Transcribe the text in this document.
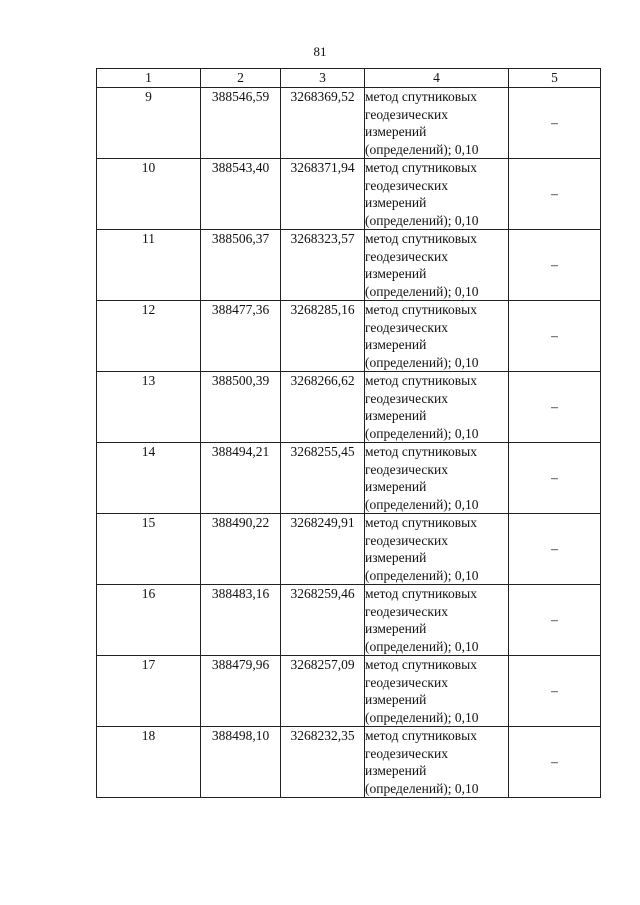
81
1	2	3	4	5
9	388546,59	3268369,52	метод спутниковых
геодезических
измерений
(определений); 0,10	–
10	388543,40	3268371,94	метод спутниковых
геодезических
измерений
(определений); 0,10	–
11	388506,37	3268323,57	метод спутниковых
геодезических
измерений
(определений); 0,10	–
12	388477,36	3268285,16	метод спутниковых
геодезических
измерений
(определений); 0,10	–
13	388500,39	3268266,62	метод спутниковых
геодезических
измерений
(определений); 0,10	–
14	388494,21	3268255,45	метод спутниковых
геодезических
измерений
(определений); 0,10	–
15	388490,22	3268249,91	метод спутниковых
геодезических
измерений
(определений); 0,10	–
16	388483,16	3268259,46	метод спутниковых
геодезических
измерений
(определений); 0,10	–
17	388479,96	3268257,09	метод спутниковых
геодезических
измерений
(определений); 0,10	–
18	388498,10	3268232,35	метод спутниковых
геодезических
измерений
(определений); 0,10	–
